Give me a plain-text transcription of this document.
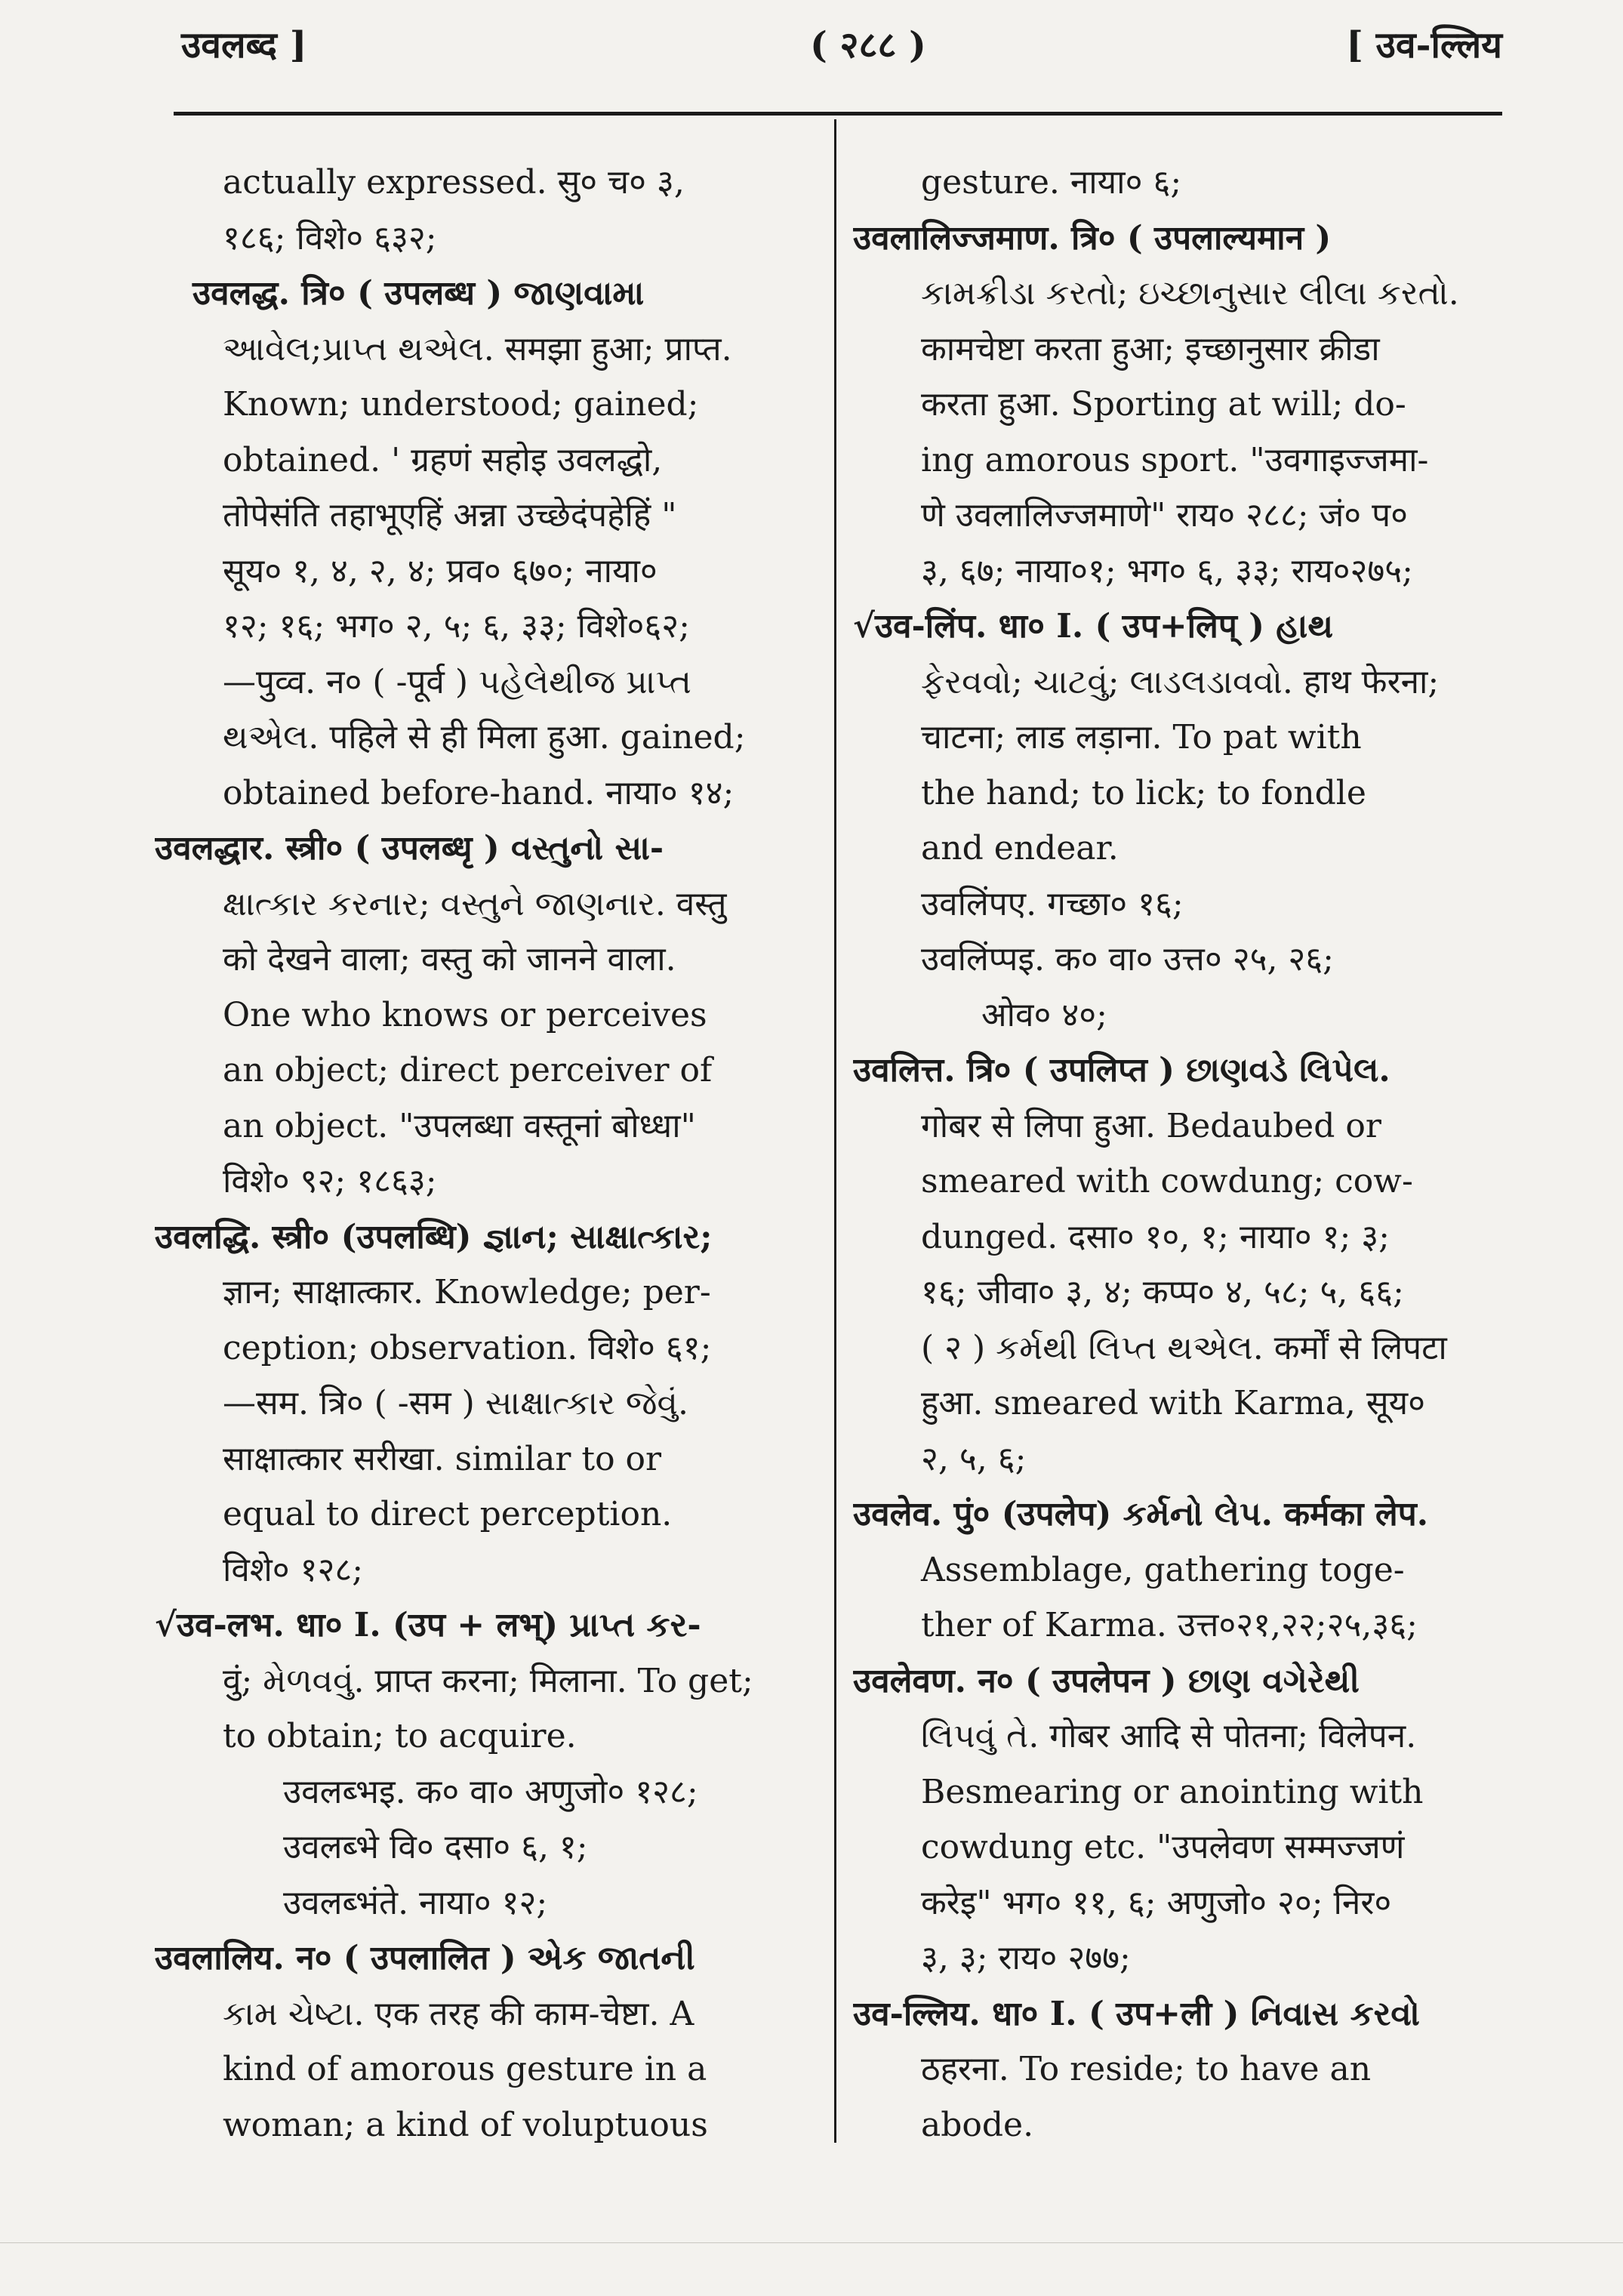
उवलब्द ]	( २८८ )	[ उव-ल्लिय
actually expressed. सु० च० ३,
१८६; विशे० ६३२;
उवलद्ध. त्रि० ( उपलब्ध ) જાણવામા
આવેલ;પ્રાપ્ત થએલ. समझा हुआ; प्राप्त.
Known; understood; gained;
obtained. ' ग्रहणं सहोइ उवलद्धो,
तोपेसंति तहाभूएहिं अन्ना उच्छेदंपहेहिं "
सूय० १, ४, २, ४; प्रव० ६७०; नाया०
१२; १६; भग० २, ५; ६, ३३; विशे०६२;
—पुव्व. न० ( -पूर्व ) પહેલેથીજ પ્રાપ્ત
થએલ. पहिले से ही मिला हुआ. gained;
obtained before-hand. नाया० १४;
उवलद्धार. स्त्री० ( उपलब्धृ ) વસ્તુનો સા-
ક્ષાત્કાર કરનાર; વસ્તુને જાણનાર. वस्तु
को देखने वाला; वस्तु को जानने वाला.
One who knows or perceives
an object; direct perceiver of
an object. "उपलब्धा वस्तूनां बोध्धा"
विशे० ९२; १८६३;
उवलद्धि. स्त्री० (उपलब्धि) જ્ઞાન; સાક્ષાત્કાર;
ज्ञान; साक्षात्कार. Knowledge; per-
ception; observation. विशे० ६१;
—सम. त्रि० ( -सम ) સાક્ષાત્કાર જેવું.
साक्षात्कार सरीखा. similar to or
equal to direct perception.
विशे० १२८;
√उव-लभ. धा० I. (उप + लभ्) પ્રાપ્ત કર-
वुं; મેળવવું. प्राप्त करना; मिलाना. To get;
to obtain; to acquire.
उवलब्भइ. क० वा० अणुजो० १२८;
उवलब्भे वि० दसा० ६, १;
उवलब्भंते. नाया० १२;
उवलालिय. न० ( उपलालित ) એક જાતની
કામ ચેષ્ટા. एक तरह की काम-चेष्टा. A
kind of amorous gesture in a
woman; a kind of voluptuous
gesture. नाया० ६;
उवलालिज्जमाण. त्रि० ( उपलाल्यमान )
કામક્રીડા કરતો; ઇચ્છાનુસાર લીલા કરતો.
कामचेष्टा करता हुआ; इच्छानुसार क्रीडा
करता हुआ. Sporting at will; do-
ing amorous sport. "उवगाइज्जमा-
णे उवलालिज्जमाणे" राय० २८८; जं० प०
३, ६७; नाया०१; भग० ६, ३३; राय०२७५;
√उव-लिंप. धा० I. ( उप+लिप् ) હાથ
ફેરવવો; ચાટવું; લાડલડાવવો. हाथ फेरना;
चाटना; लाड लड़ाना. To pat with
the hand; to lick; to fondle
and endear.
उवलिंपए. गच्छा० १६;
उवलिंप्पइ. क० वा० उत्त० २५, २६;
ओव० ४०;
उवलित्त. त्रि० ( उपलिप्त ) છાણવડે લિપેલ.
गोबर से लिपा हुआ. Bedaubed or
smeared with cowdung; cow-
dunged. दसा० १०, १; नाया० १; ३;
१६; जीवा० ३, ४; कप्प० ४, ५८; ५, ६६;
( २ ) કર્મથી લિપ્ત થએલ. कर्मों से लिपटा
हुआ. smeared with Karma, सूय०
२, ५, ६;
उवलेव. पुं० (उपलेप) કર્મનો લેપ. कर्मका लेप.
Assemblage, gathering toge-
ther of Karma. उत्त०२१,२२;२५,३६;
उवलेवण. न० ( उपलेपन ) છાણ વગેરેથી
લિપવું તે. गोबर आदि से पोतना; विलेपन.
Besmearing or anointing with
cowdung etc. "उपलेवण सम्मज्जणं
करेइ" भग० ११, ६; अणुजो० २०; निर०
३, ३; राय० २७७;
उव-ल्लिय. धा० I. ( उप+ली ) નિવાસ કરવો
ठहरना. To reside; to have an
abode.
